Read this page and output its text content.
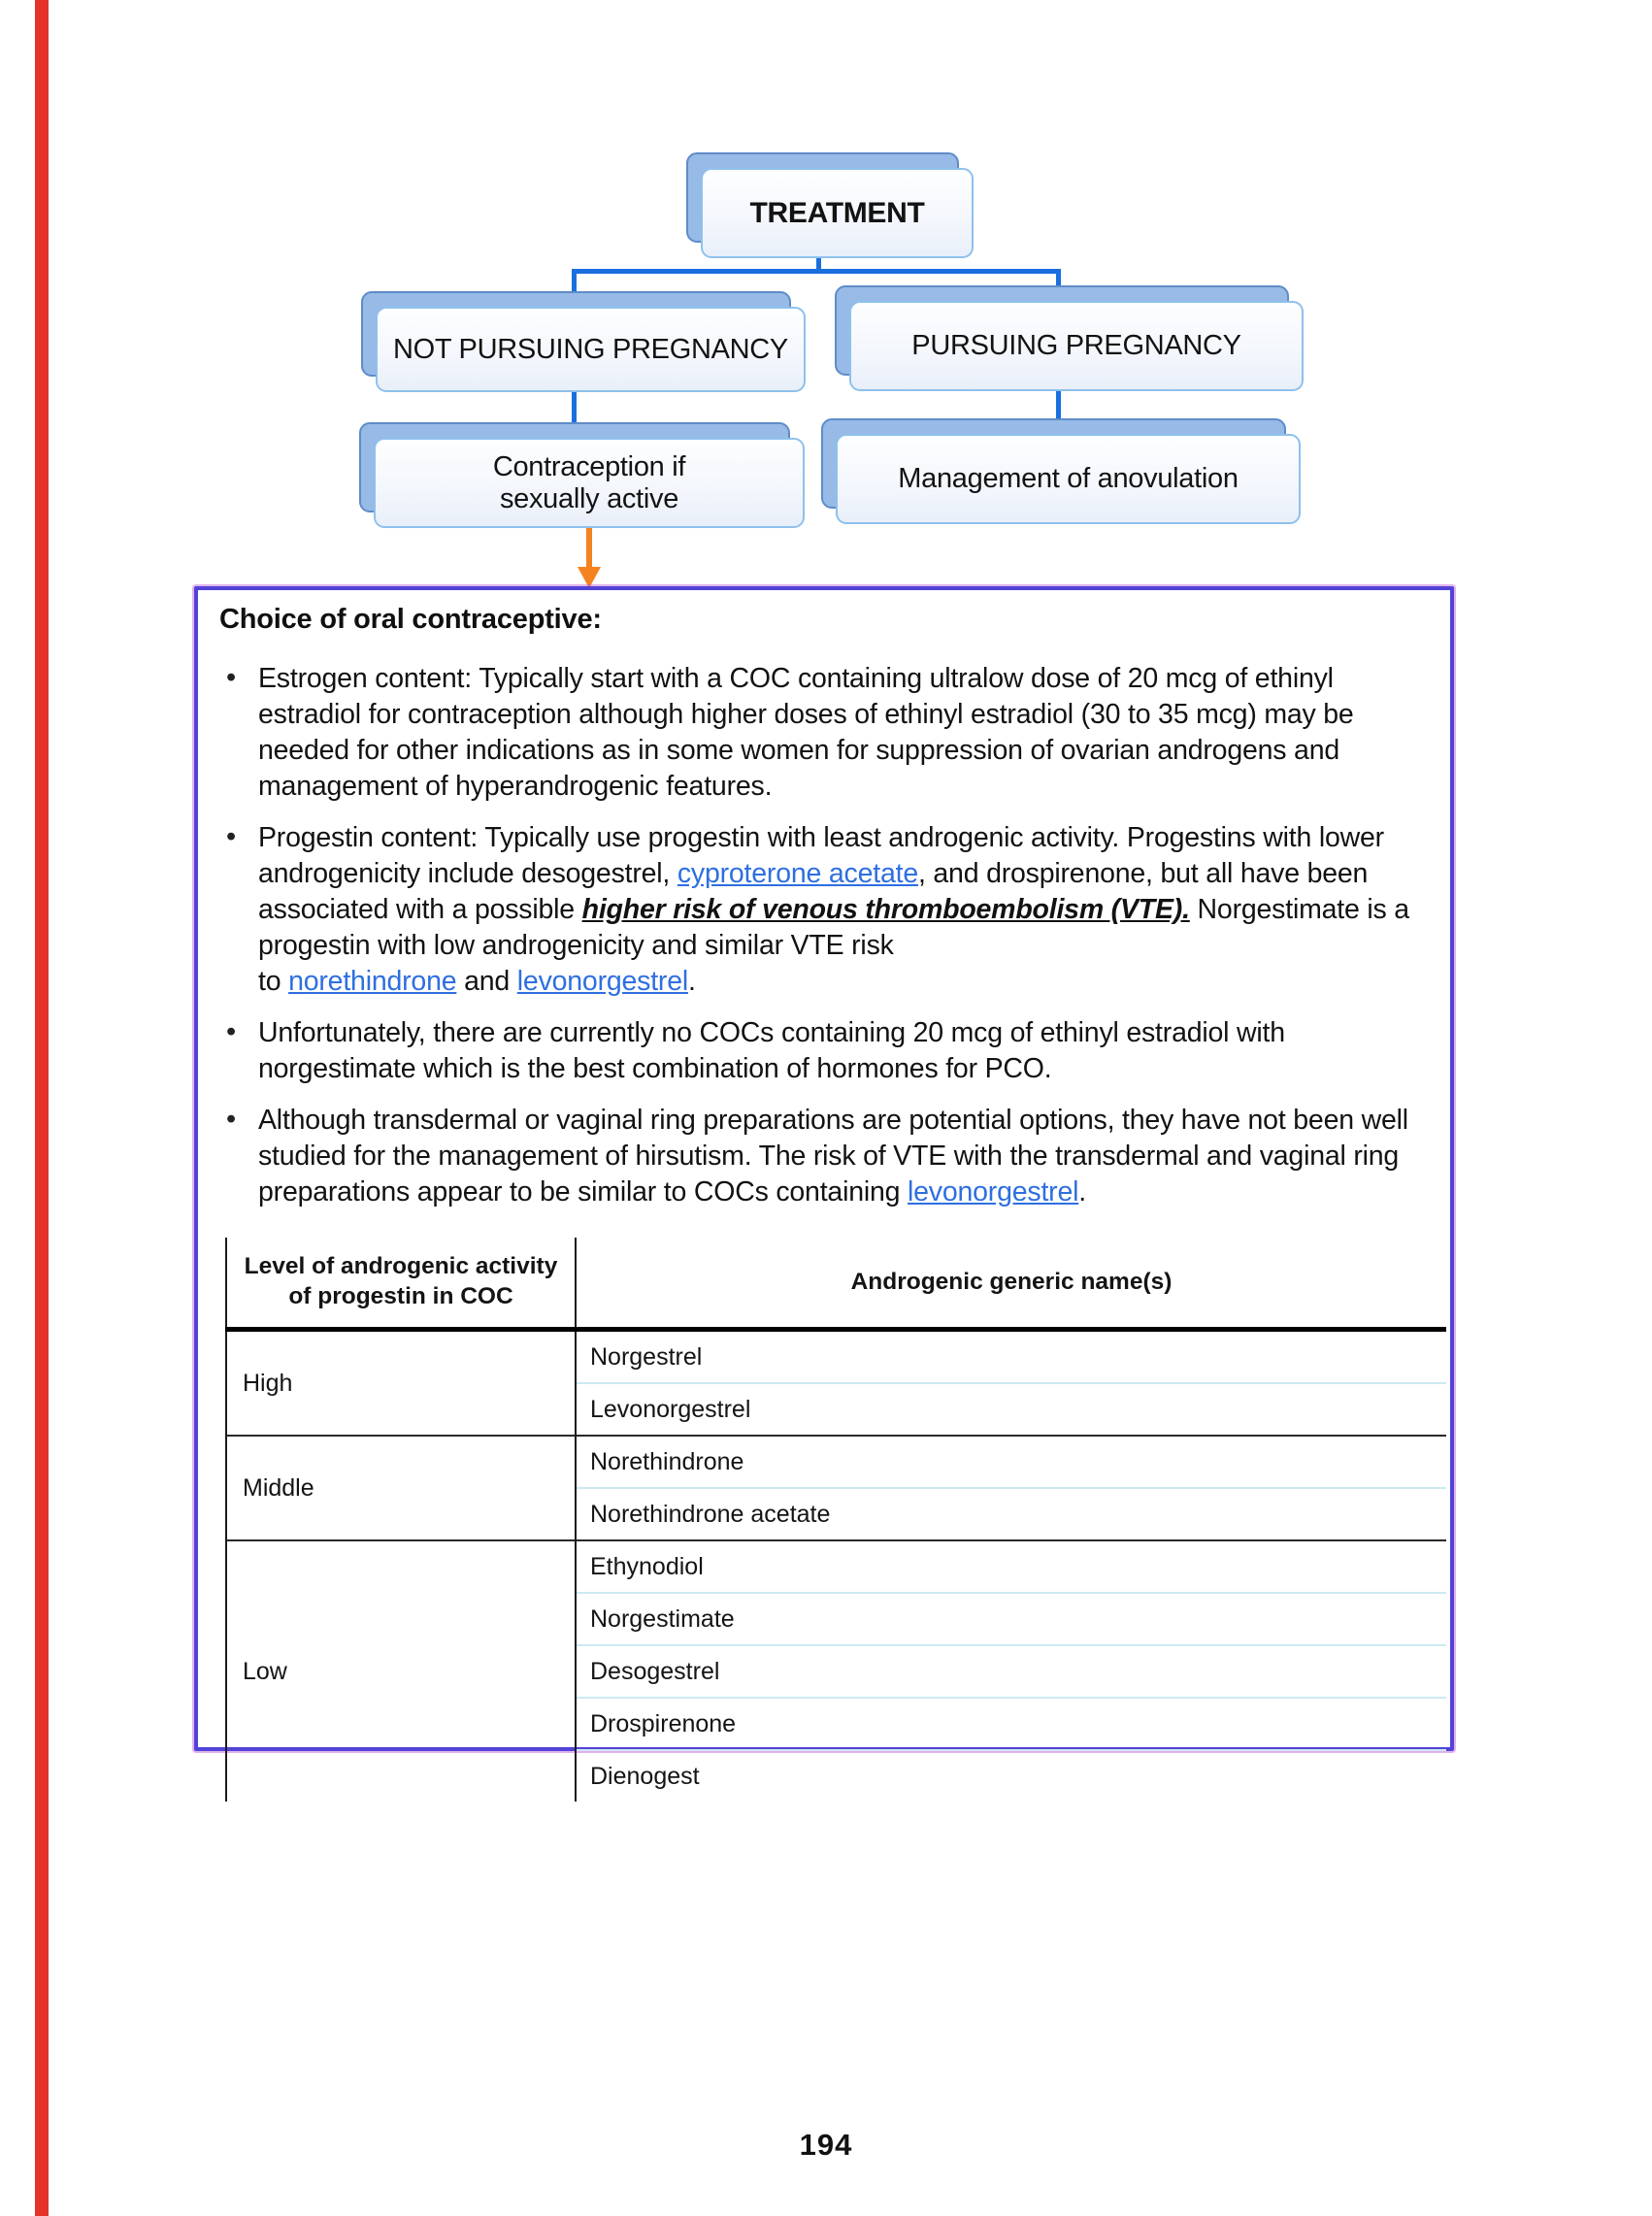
TREATMENT
NOT PURSUING PREGNANCY	PURSUING PREGNANCY
Contraception if sexually active
Management of anovulation
Choice of oral contraceptive:
• Estrogen content: Typically start with a COC containing ultralow dose of 20 mcg of ethinyl estradiol for contraception although higher doses of ethinyl estradiol (30 to 35 mcg) may be needed for other indications as in some women for suppression of ovarian androgens and management of hyperandrogenic features.
• Progestin content: Typically use progestin with least androgenic activity. Progestins with lower androgenicity include desogestrel, cyproterone acetate, and drospirenone, but all have been associated with a possible higher risk of venous thromboembolism (VTE). Norgestimate is a progestin with low androgenicity and similar VTE risk
to norethindrone and levonorgestrel.
• Unfortunately, there are currently no COCs containing 20 mcg of ethinyl estradiol with norgestimate which is the best combination of hormones for PCO.
• Although transdermal or vaginal ring preparations are potential options, they have not been well studied for the management of hirsutism. The risk of VTE with the transdermal and vaginal ring preparations appear to be similar to COCs containing levonorgestrel.
Level of androgenic activity of progestin in COC	Androgenic generic name(s)
High	Norgestrel
	Levonorgestrel
Middle	Norethindrone
	Norethindrone acetate
Low	Ethynodiol
	Norgestimate
	Desogestrel
	Drospirenone
	Dienogest
194
